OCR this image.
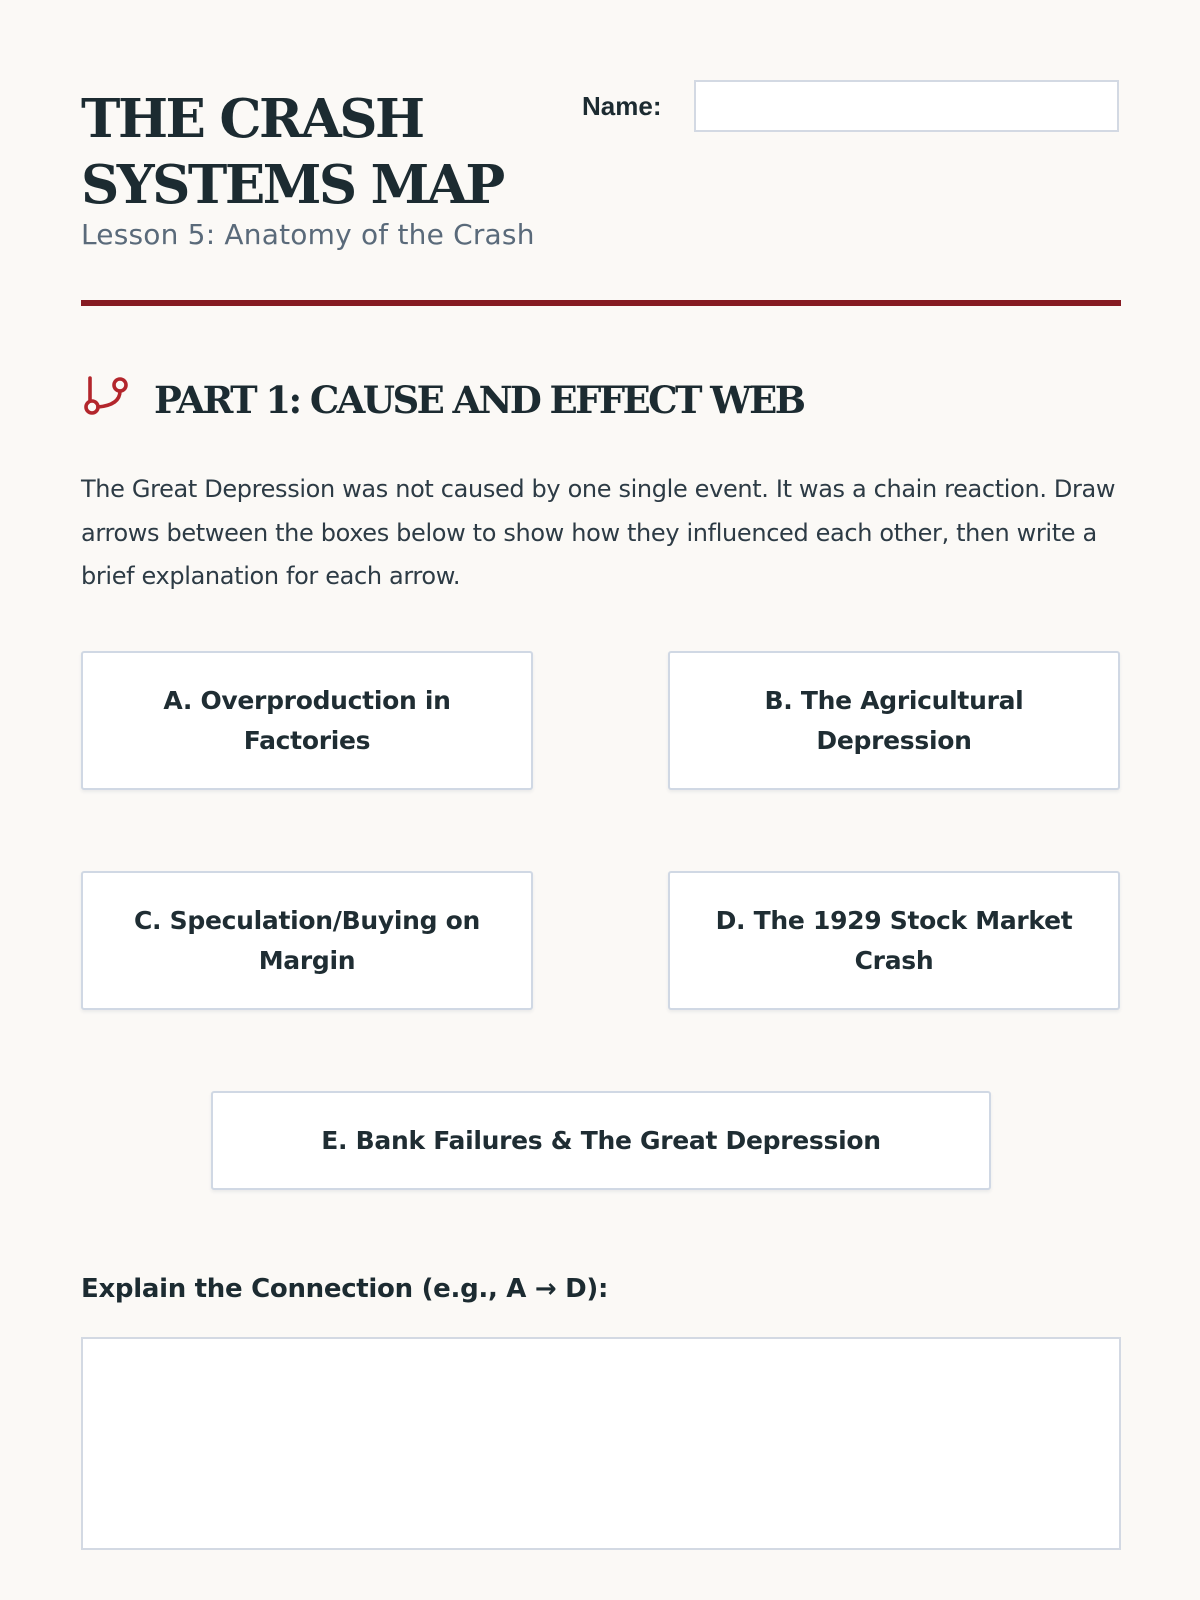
THE CRASH SYSTEMS MAP
Lesson 5: Anatomy of the Crash
Name:
PART 1: CAUSE AND EFFECT WEB

The Great Depression was not caused by one single event. It was a chain reaction. Draw arrows between the boxes below to show how they influenced each other, then write a brief explanation for each arrow.

A. Overproduction in Factories
B. The Agricultural Depression
C. Speculation/Buying on Margin
D. The 1929 Stock Market Crash
E. Bank Failures & The Great Depression
Explain the Connection (e.g., A → D):
